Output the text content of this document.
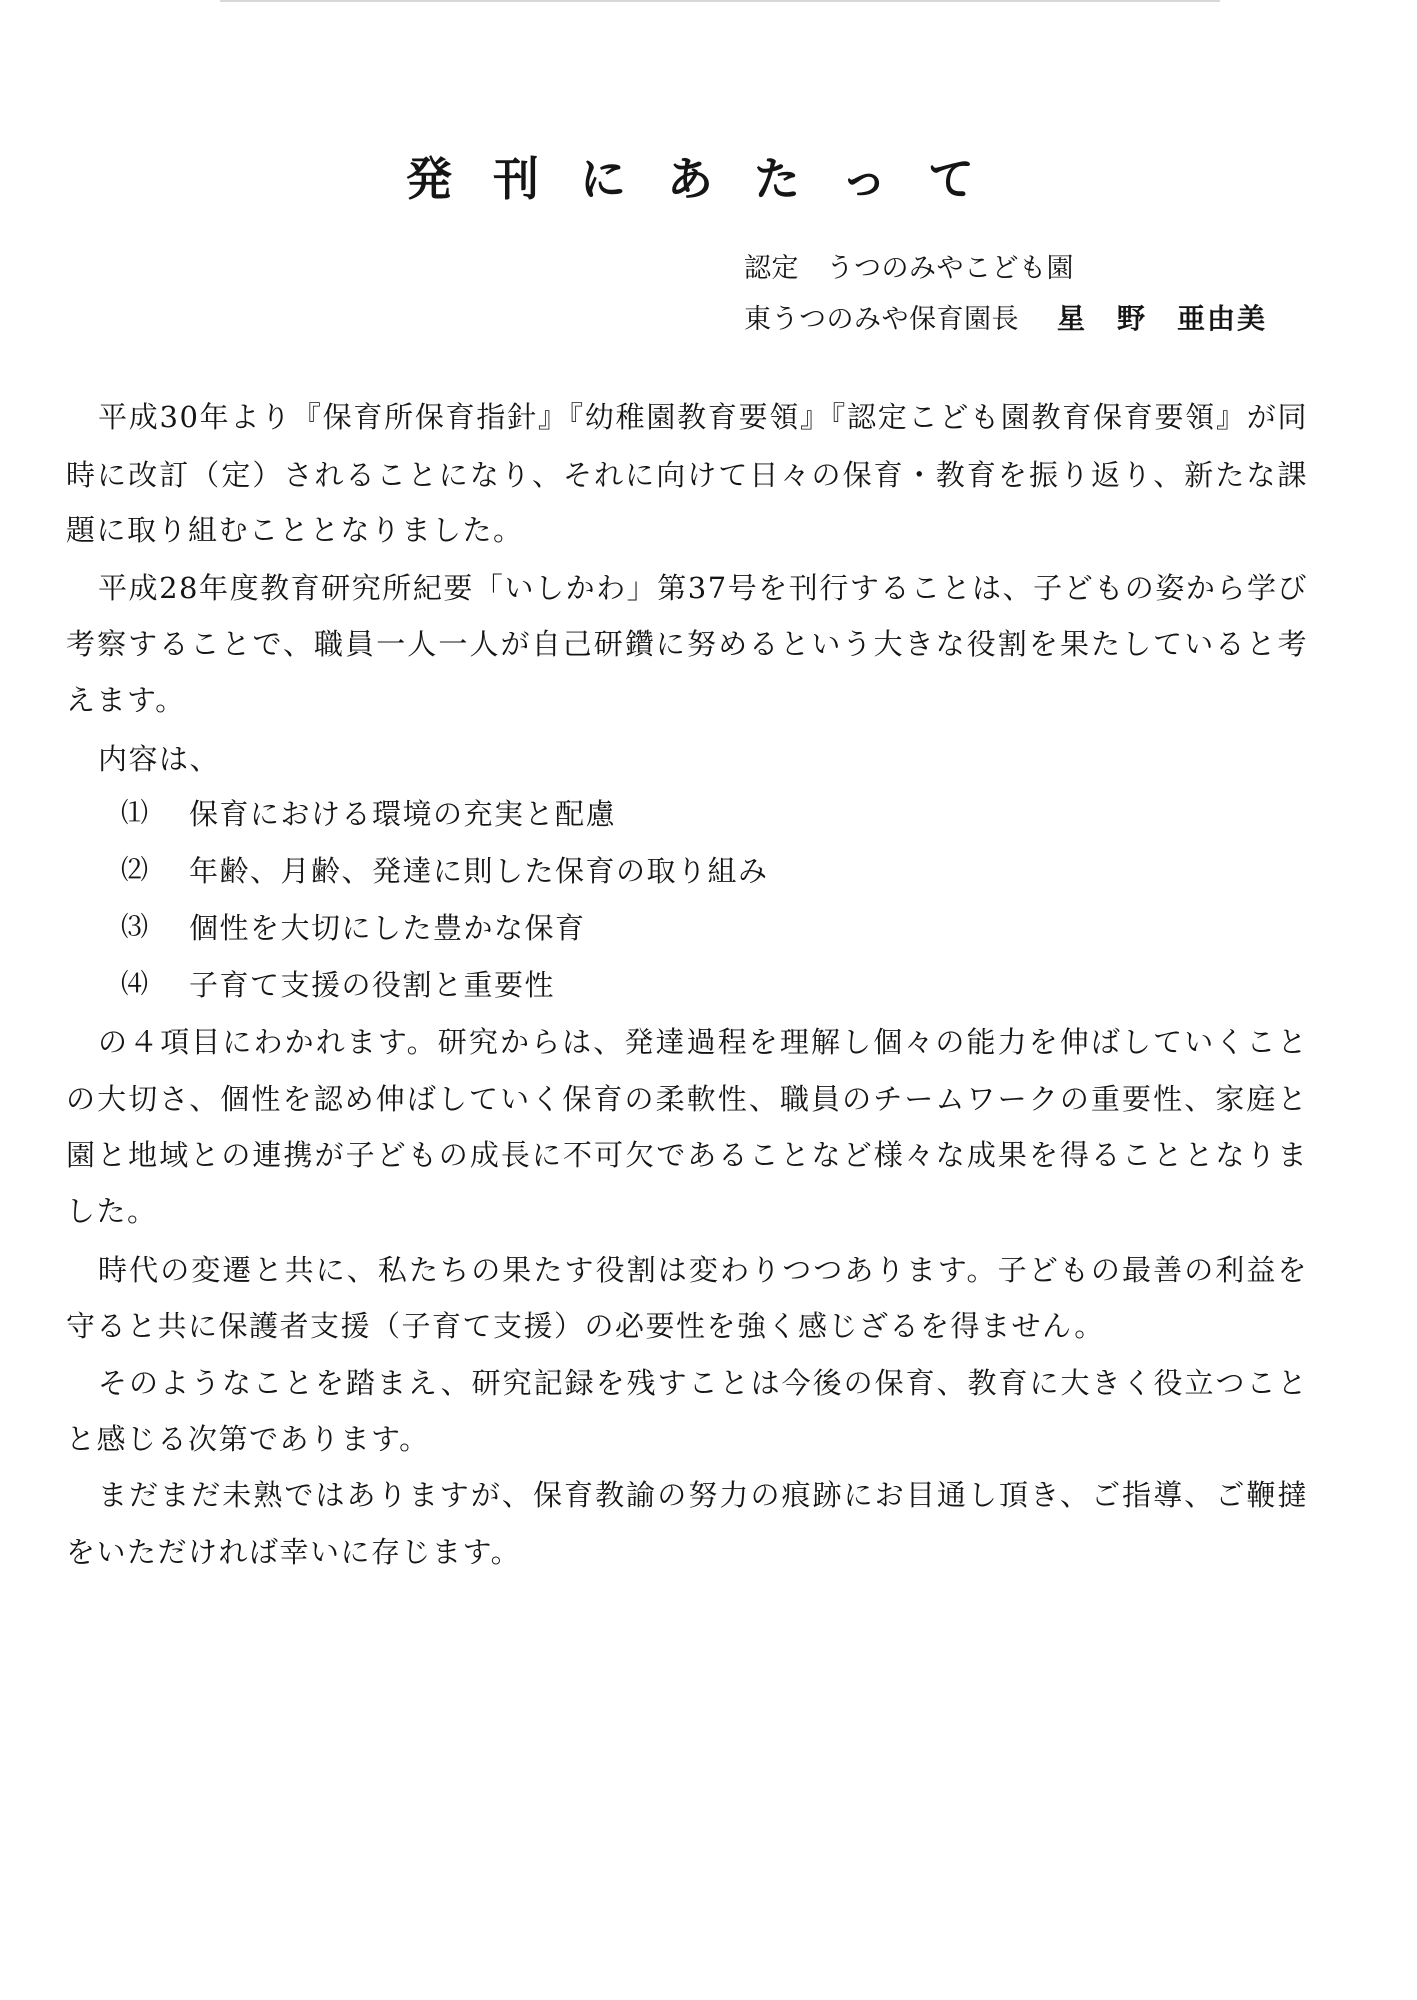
発刊にあたって
認定　うつのみやこども園
東うつのみや保育園長 星　野　亜由美
平成30年より『保育所保育指針』『幼稚園教育要領』『認定こども園教育保育要領』が同
時に改訂（定）されることになり、それに向けて日々の保育・教育を振り返り、新たな課
題に取り組むこととなりました。
平成28年度教育研究所紀要「いしかわ」第37号を刊行することは、子どもの姿から学び
考察することで、職員一人一人が自己研鑽に努めるという大きな役割を果たしていると考
えます。
内容は、
⑴ 保育における環境の充実と配慮
⑵ 年齢、月齢、発達に則した保育の取り組み
⑶ 個性を大切にした豊かな保育
⑷ 子育て支援の役割と重要性
の４項目にわかれます。研究からは、発達過程を理解し個々の能力を伸ばしていくこと
の大切さ、個性を認め伸ばしていく保育の柔軟性、職員のチームワークの重要性、家庭と
園と地域との連携が子どもの成長に不可欠であることなど様々な成果を得ることとなりま
した。
時代の変遷と共に、私たちの果たす役割は変わりつつあります。子どもの最善の利益を
守ると共に保護者支援（子育て支援）の必要性を強く感じざるを得ません。
そのようなことを踏まえ、研究記録を残すことは今後の保育、教育に大きく役立つこと
と感じる次第であります。
まだまだ未熟ではありますが、保育教諭の努力の痕跡にお目通し頂き、ご指導、ご鞭撻
をいただければ幸いに存じます。
